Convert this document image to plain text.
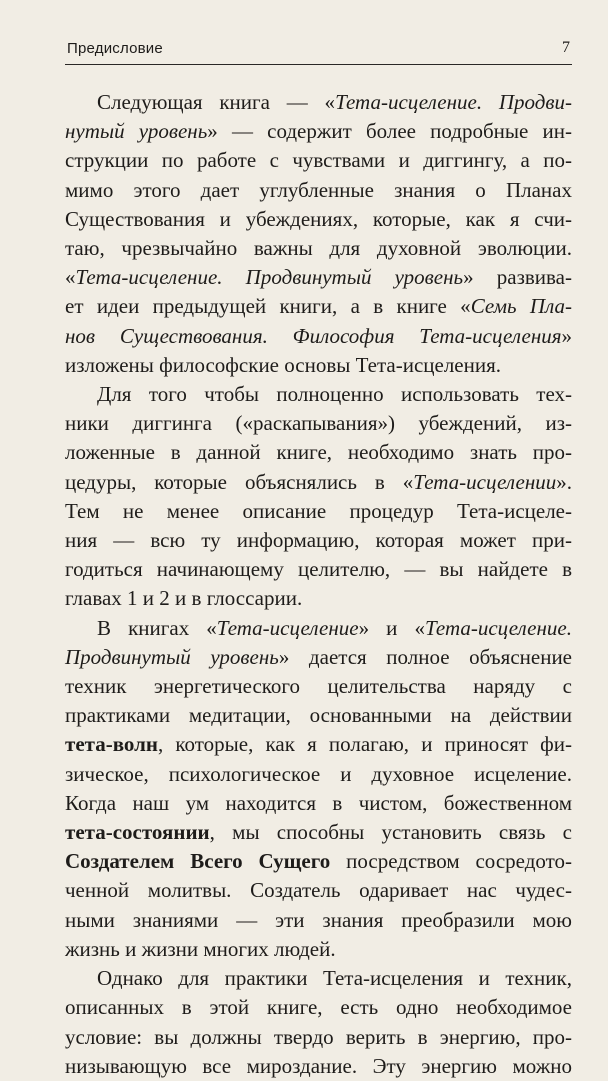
Предисловие	7
Следующая книга — «Тета-исцеление. Продви-
нутый уровень» — содержит более подробные ин-
струкции по работе с чувствами и диггингу, а по-
мимо этого дает углубленные знания о Планах
Существования и убеждениях, которые, как я счи-
таю, чрезвычайно важны для духовной эволюции.
«Тета-исцеление. Продвинутый уровень» развива-
ет идеи предыдущей книги, а в книге «Семь Пла-
нов Существования. Философия Тета-исцеления»
изложены философские основы Тета-исцеления.
Для того чтобы полноценно использовать тех-
ники диггинга («раскапывания») убеждений, из-
ложенные в данной книге, необходимо знать про-
цедуры, которые объяснялись в «Тета-исцелении».
Тем не менее описание процедур Тета-исцеле-
ния — всю ту информацию, которая может при-
годиться начинающему целителю, — вы найдете в
главах 1 и 2 и в глоссарии.
В книгах «Тета-исцеление» и «Тета-исцеление.
Продвинутый уровень» дается полное объяснение
техник энергетического целительства наряду с
практиками медитации, основанными на действии
тета-волн, которые, как я полагаю, и приносят фи-
зическое, психологическое и духовное исцеление.
Когда наш ум находится в чистом, божественном
тета-состоянии, мы способны установить связь с
Создателем Всего Сущего посредством сосредото-
ченной молитвы. Создатель одаривает нас чудес-
ными знаниями — эти знания преобразили мою
жизнь и жизни многих людей.
Однако для практики Тета-исцеления и техник,
описанных в этой книге, есть одно необходимое
условие: вы должны твердо верить в энергию, про-
низывающую все мироздание. Эту энергию можно
